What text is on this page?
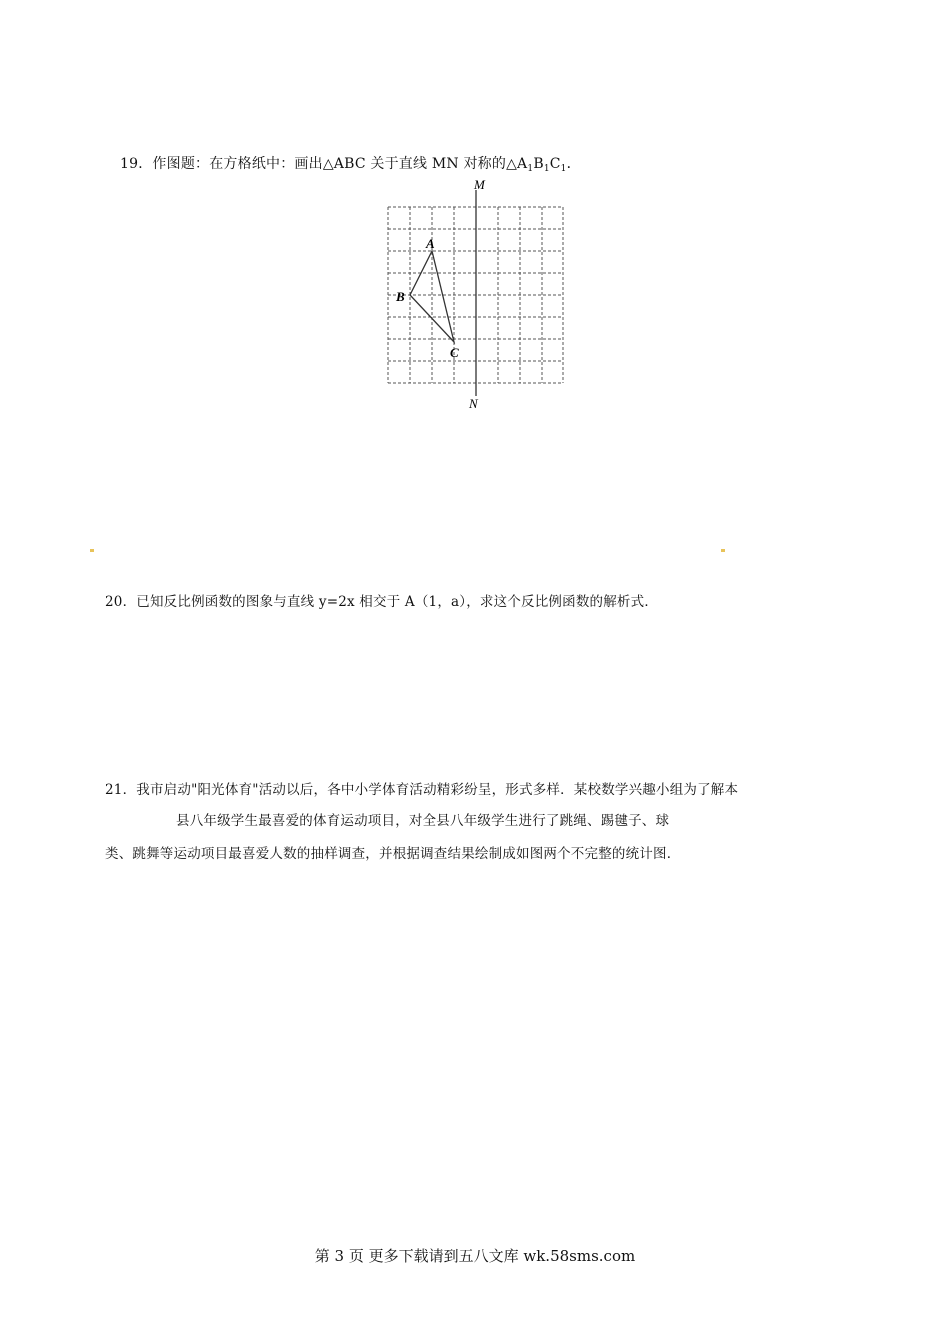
19．作图题：在方格纸中：画出△ABC 关于直线 MN 对称的$\triangle A_1B_1C_1$．
M
N
A
B
C
20．已知反比例函数的图象与直线 y=2x 相交于 A（1，a），求这个反比例函数的解析式．
21．我市启动"阳光体育"活动以后，各中小学体育活动精彩纷呈，形式多样．某校数学兴趣小组为了解本
县八年级学生最喜爱的体育运动项目，对全县八年级学生进行了跳绳、踢毽子、球
类、跳舞等运动项目最喜爱人数的抽样调查，并根据调查结果绘制成如图两个不完整的统计图．
第 3 页 更多下载请到五八文库 wk.58sms.com
